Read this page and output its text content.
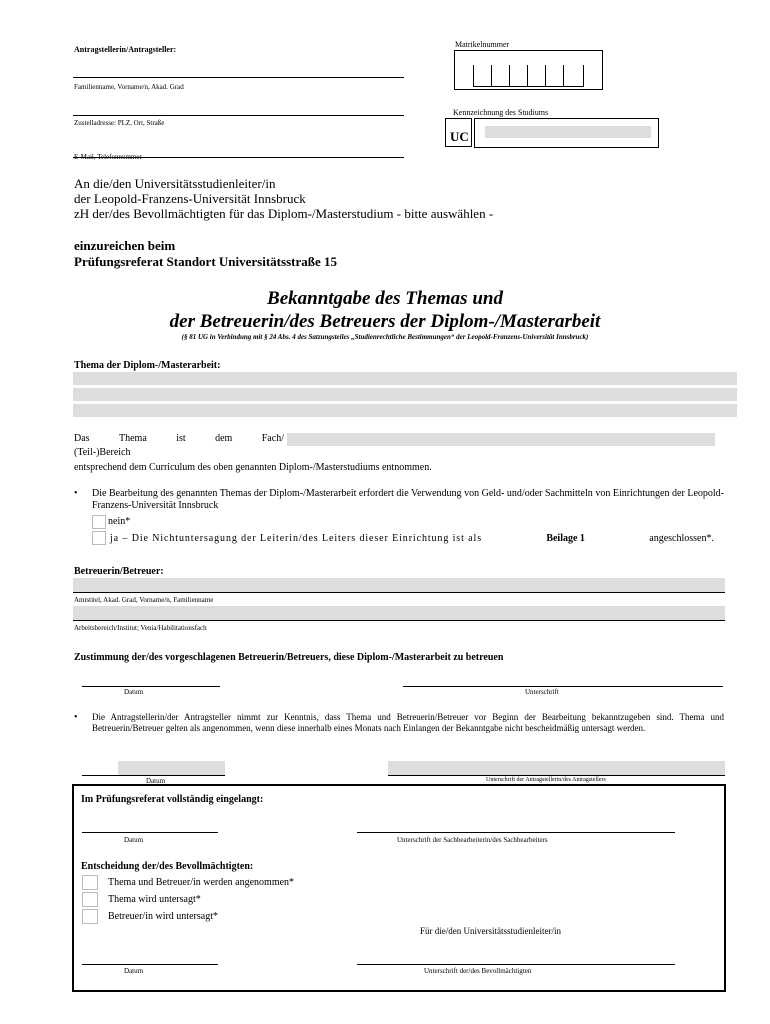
Antragstellerin/Antragsteller:
Familienname, Vorname/n, Akad. Grad
Zustelladresse: PLZ, Ort, Straße
E-Mail, Telefonnummer
Matrikelnummer
Kennzeichnung des Studiums
UC
An die/den Universitätsstudienleiter/in
der Leopold-Franzens-Universität Innsbruck
zH der/des Bevollmächtigten für das Diplom-/Masterstudium - bitte auswählen -
einzureichen beim
Prüfungsreferat Standort Universitätsstraße 15
Bekanntgabe des Themas und
der Betreuerin/des Betreuers der Diplom-/Masterarbeit
(§ 81 UG in Verbindung mit § 24 Abs. 4 des Satzungsteiles „Studienrechtliche Bestimmungen“ der Leopold-Franzens-Universität Innsbruck)
Thema der Diplom-/Masterarbeit:
Das	Thema	ist	dem	Fach/
(Teil-)Bereich
entsprechend dem Curriculum des oben genannten Diplom-/Masterstudiums entnommen.
• Die Bearbeitung des genannten Themas der Diplom-/Masterarbeit erfordert die Verwendung von Geld- und/oder Sachmitteln von Einrichtungen der Leopold-Franzens-Universität Innsbruck
nein*
ja – Die Nichtuntersagung der Leiterin/des Leiters dieser Einrichtung ist als	Beilage 1	angeschlossen*.
Betreuerin/Betreuer:
Amtstitel, Akad. Grad, Vorname/n, Familienname
Arbeitsbereich/Institut; Venia/Habilitationsfach
Zustimmung der/des vorgeschlagenen Betreuerin/Betreuers, diese Diplom-/Masterarbeit zu betreuen
Datum	Unterschrift
• Die Antragstellerin/der Antragsteller nimmt zur Kenntnis, dass Thema und Betreuerin/Betreuer vor Beginn der Bearbeitung bekanntzugeben sind. Thema und Betreuerin/Betreuer gelten als angenommen, wenn diese innerhalb eines Monats nach Einlangen der Bekanntgabe nicht bescheidmäßig untersagt werden.
Datum	Unterschrift der Antragstellerin/des Antragstellers
Im Prüfungsreferat vollständig eingelangt:
Datum	Unterschrift der Sachbearbeiterin/des Sachbearbeiters
Entscheidung der/des Bevollmächtigten:
Thema und Betreuer/in werden angenommen*
Thema wird untersagt*
Betreuer/in wird untersagt*
Für die/den Universitätsstudienleiter/in
Datum	Unterschrift der/des Bevollmächtigten
